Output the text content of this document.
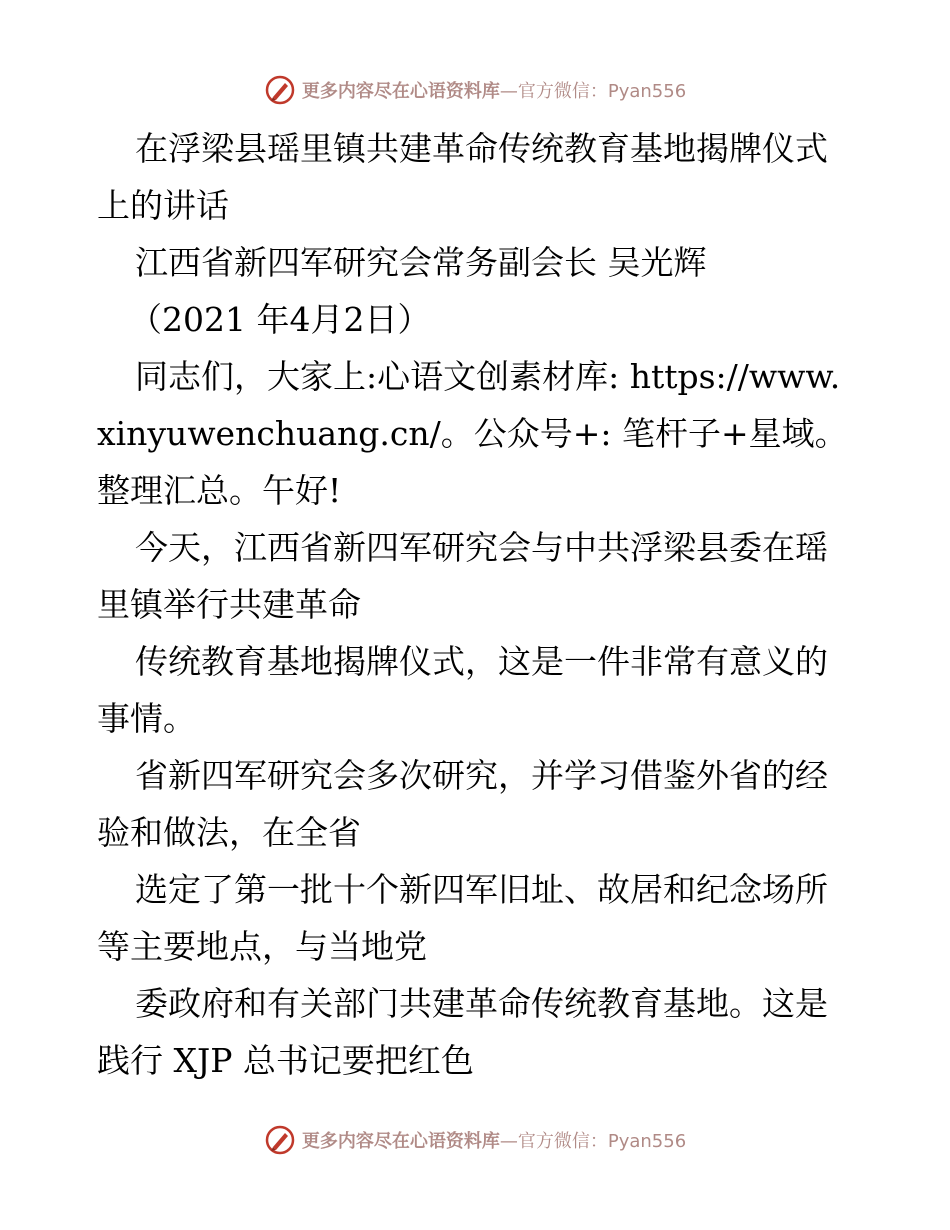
更多内容尽在心语资料库—官方微信：Pyan556

在浮梁县瑶里镇共建革命传统教育基地揭牌仪式上的讲话

江西省新四军研究会常务副会长 吴光辉

（2021 年4月2日）

同志们，大家上:心语文创素材库: https://www.xinyuwenchuang.cn/。公众号+: 笔杆子+星域。整理汇总。午好!

今天，江西省新四军研究会与中共浮梁县委在瑶里镇举行共建革命

传统教育基地揭牌仪式，这是一件非常有意义的事情。

省新四军研究会多次研究，并学习借鉴外省的经验和做法，在全省

选定了第一批十个新四军旧址、故居和纪念场所等主要地点，与当地党

委政府和有关部门共建革命传统教育基地。这是践行 XJP 总书记要把红色

更多内容尽在心语资料库—官方微信：Pyan556
